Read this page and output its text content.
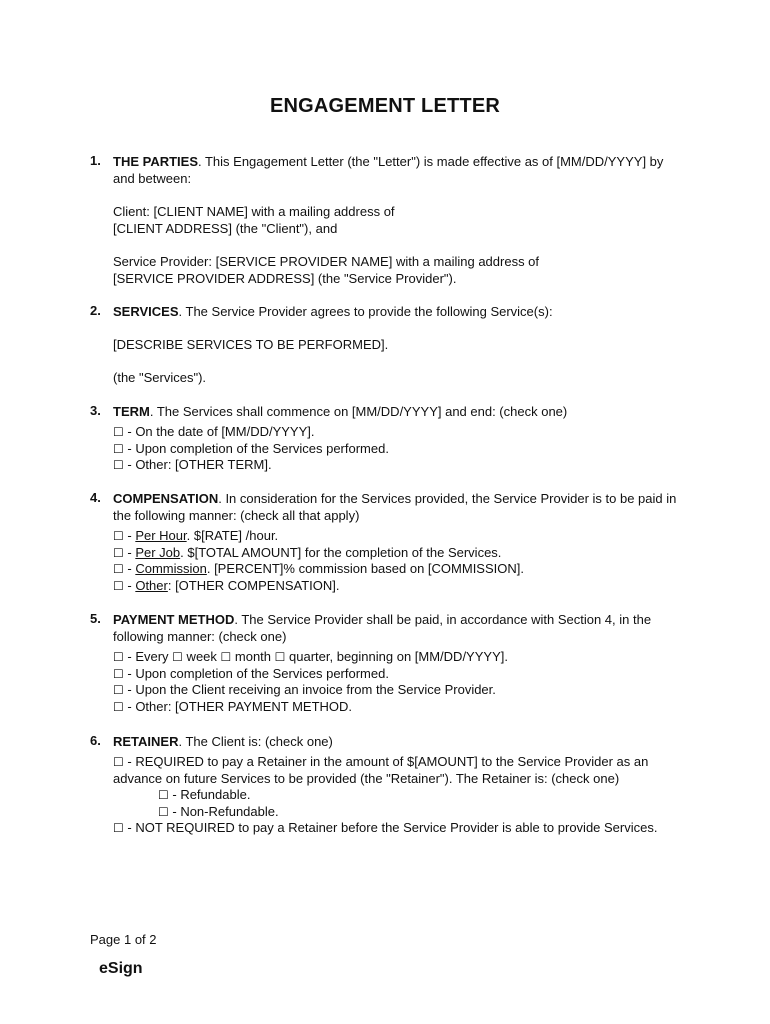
ENGAGEMENT LETTER
1. THE PARTIES. This Engagement Letter (the "Letter") is made effective as of [MM/DD/YYYY] by and between:
Client: [CLIENT NAME] with a mailing address of
[CLIENT ADDRESS] (the "Client"), and
Service Provider: [SERVICE PROVIDER NAME] with a mailing address of
[SERVICE PROVIDER ADDRESS] (the "Service Provider").
2. SERVICES. The Service Provider agrees to provide the following Service(s):
[DESCRIBE SERVICES TO BE PERFORMED].
(the "Services").
3. TERM. The Services shall commence on [MM/DD/YYYY] and end: (check one)
☐ - On the date of [MM/DD/YYYY].
☐ - Upon completion of the Services performed.
☐ - Other: [OTHER TERM].
4. COMPENSATION. In consideration for the Services provided, the Service Provider is to be paid in the following manner: (check all that apply)
☐ - Per Hour. $[RATE] /hour.
☐ - Per Job. $[TOTAL AMOUNT] for the completion of the Services.
☐ - Commission. [PERCENT]% commission based on [COMMISSION].
☐ - Other: [OTHER COMPENSATION].
5. PAYMENT METHOD. The Service Provider shall be paid, in accordance with Section 4, in the following manner: (check one)
☐ - Every ☐ week ☐ month ☐ quarter, beginning on [MM/DD/YYYY].
☐ - Upon completion of the Services performed.
☐ - Upon the Client receiving an invoice from the Service Provider.
☐ - Other: [OTHER PAYMENT METHOD.
6. RETAINER. The Client is: (check one)
☐ - REQUIRED to pay a Retainer in the amount of $[AMOUNT] to the Service Provider as an advance on future Services to be provided (the "Retainer"). The Retainer is: (check one)
☐ - Refundable.
☐ - Non-Refundable.
☐ - NOT REQUIRED to pay a Retainer before the Service Provider is able to provide Services.
Page 1 of 2
eSign
